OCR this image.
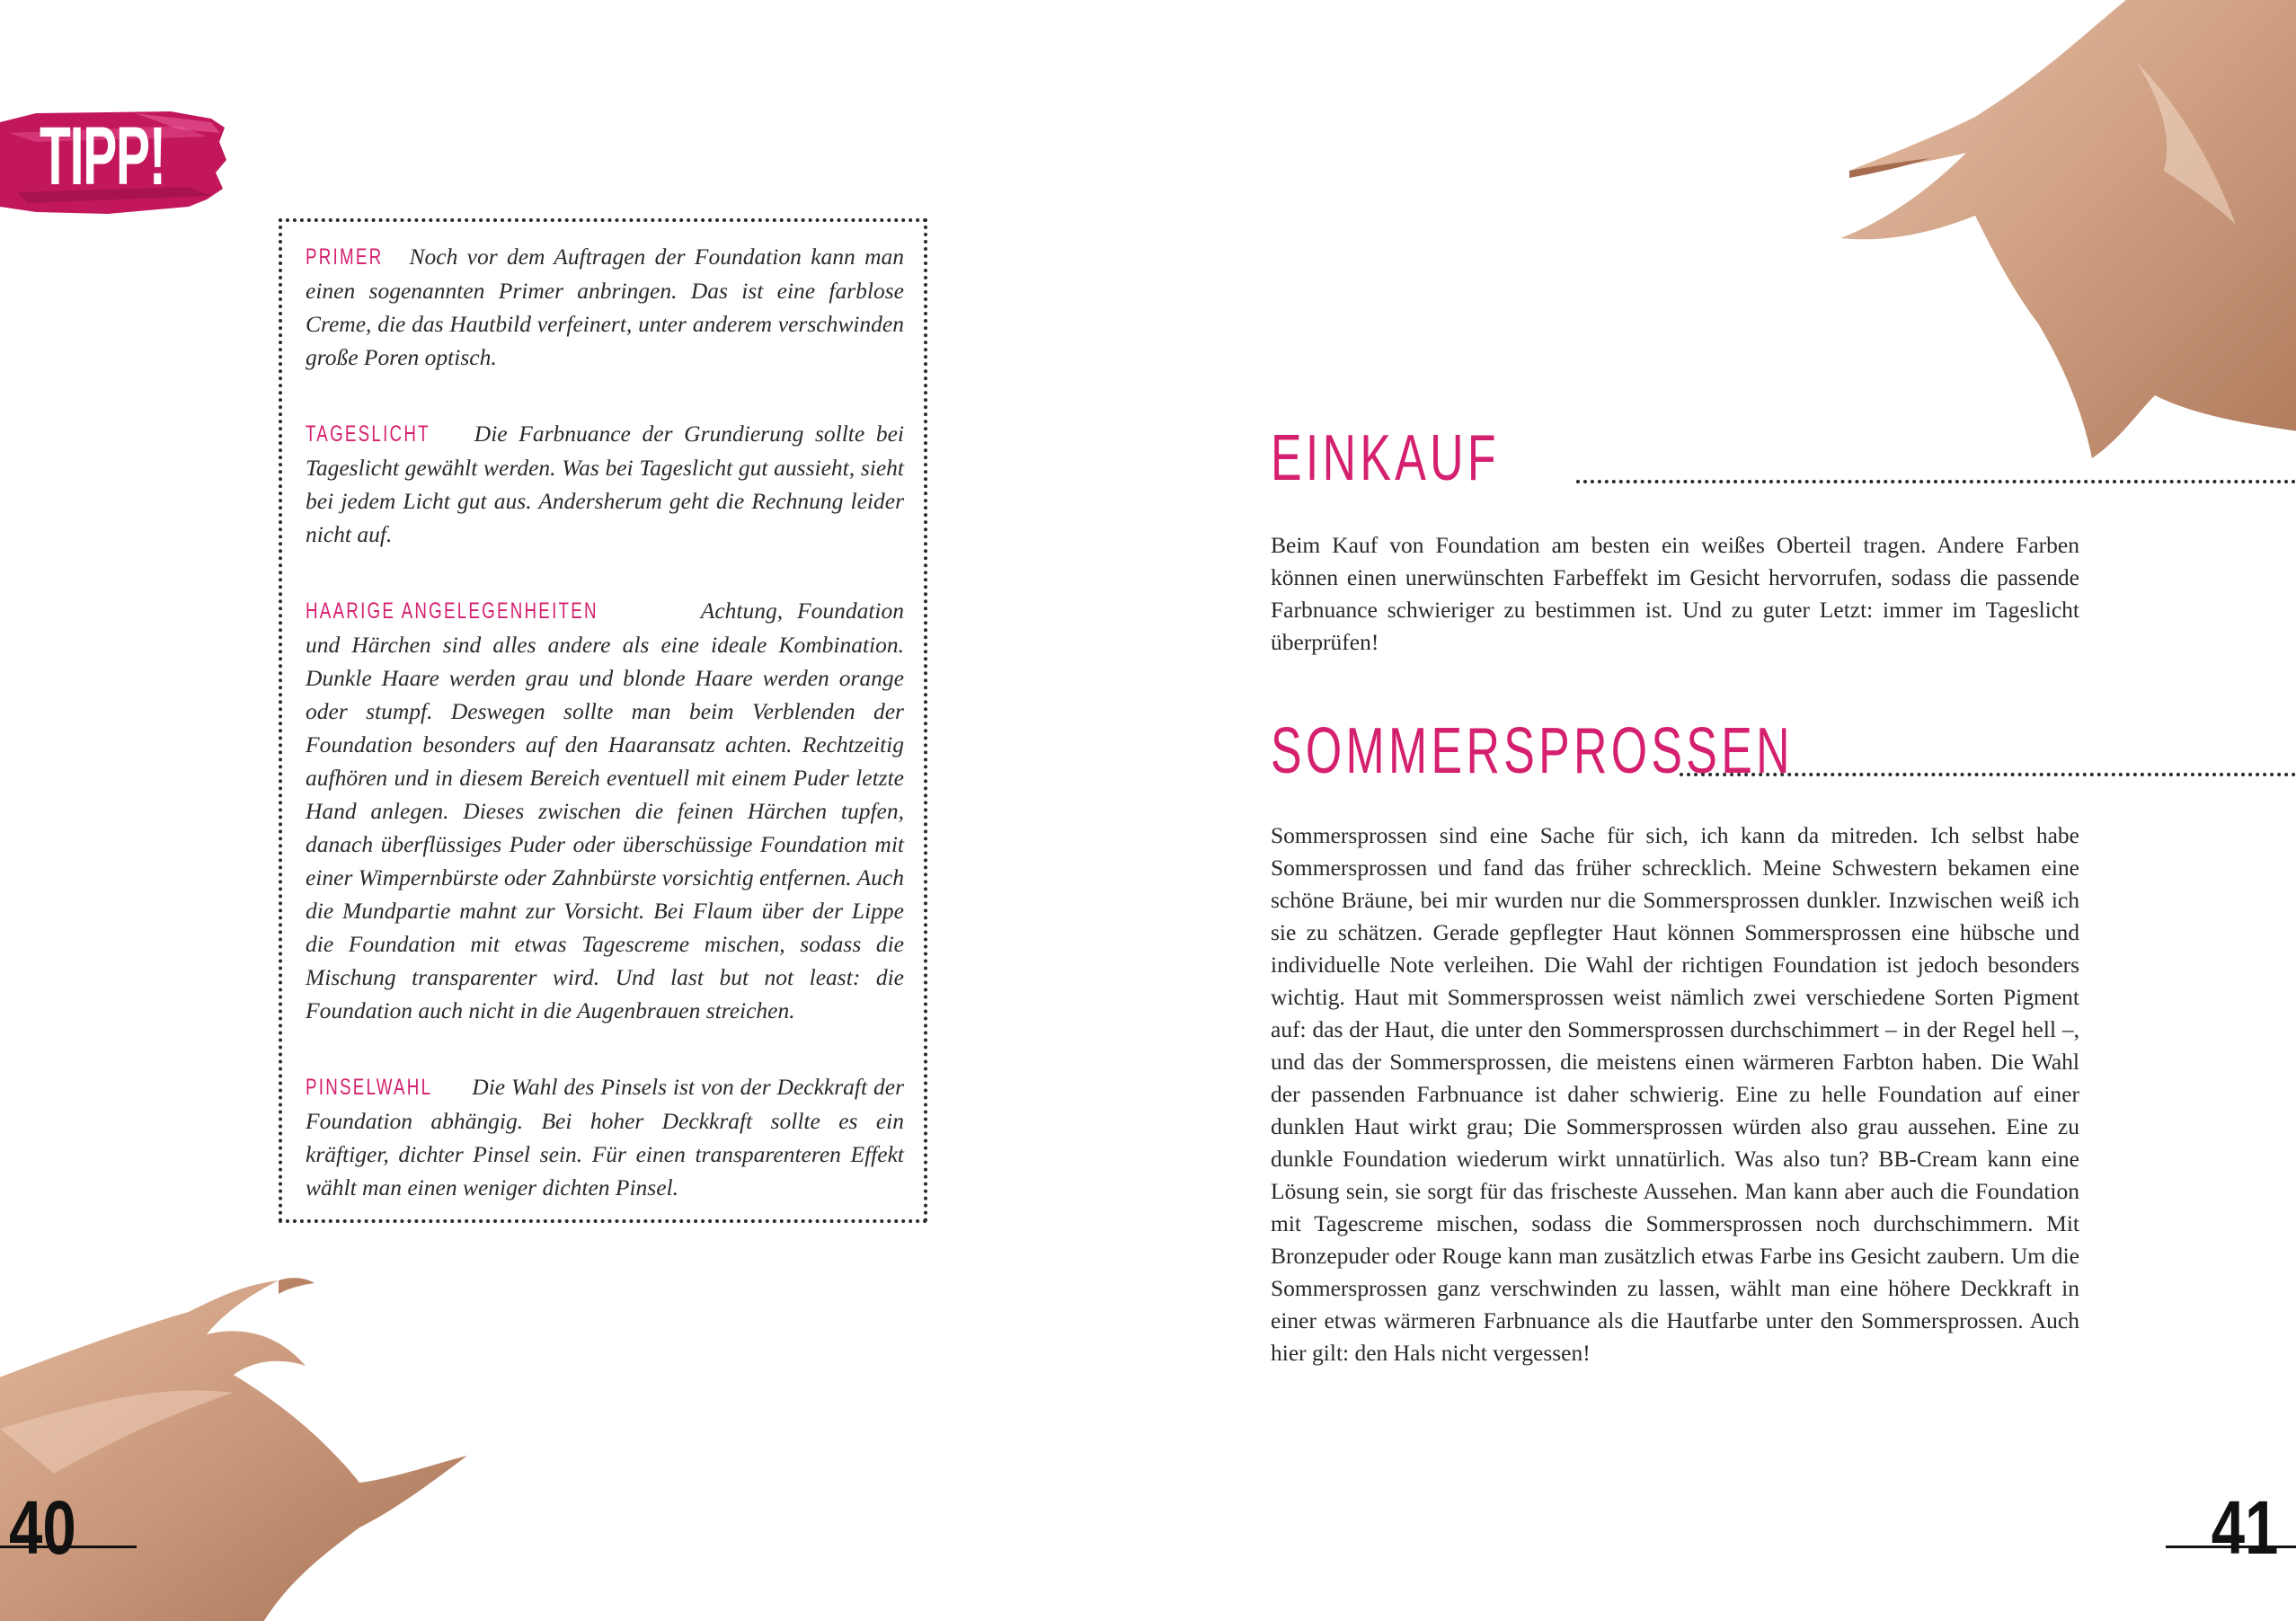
TIPP!

PRIMER Noch vor dem Auftragen der Foundation kann man einen sogenannten Primer anbringen. Das ist eine farblose Creme, die das Hautbild verfeinert, unter anderem verschwinden große Poren optisch.

TAGESLICHT Die Farbnuance der Grundierung sollte bei Tageslicht gewählt werden. Was bei Tageslicht gut aussieht, sieht bei jedem Licht gut aus. Andersherum geht die Rechnung leider nicht auf.

HAARIGE ANGELEGENHEITEN	Achtung, Foundation und Härchen sind alles andere als eine ideale Kombination. Dunkle Haare werden grau und blonde Haare werden orange oder stumpf. Deswegen sollte man beim Verblenden der Foundation besonders auf den Haaransatz achten. Rechtzeitig aufhören und in diesem Bereich eventuell mit einem Puder letzte Hand anlegen. Dieses zwischen die feinen Härchen tupfen, danach überflüssiges Puder oder überschüssige Foundation mit einer Wimpernbürste oder Zahnbürste vorsichtig entfernen. Auch die Mundpartie mahnt zur Vorsicht. Bei Flaum über der Lippe die Foundation mit etwas Tagescreme mischen, sodass die Mischung transparenter wird. Und last but not least: die Foundation auch nicht in die Augenbrauen streichen.

PINSELWAHL Die Wahl des Pinsels ist von der Deckkraft der Foundation abhängig. Bei hoher Deckkraft sollte es ein kräftiger, dichter Pinsel sein. Für einen transparenteren Effekt wählt man einen weniger dichten Pinsel.

40
EINKAUF

Beim Kauf von Foundation am besten ein weißes Oberteil tragen. Andere Farben können einen unerwünschten Farbeffekt im Gesicht hervorrufen, sodass die passende Farbnuance schwieriger zu bestimmen ist. Und zu guter Letzt: immer im Tageslicht überprüfen!

SOMMERSPROSSEN

Sommersprossen sind eine Sache für sich, ich kann da mitreden. Ich selbst habe Sommersprossen und fand das früher schrecklich. Meine Schwestern bekamen eine schöne Bräune, bei mir wurden nur die Sommersprossen dunkler. Inzwischen weiß ich sie zu schätzen. Gerade gepflegter Haut können Sommersprossen eine hübsche und individuelle Note verleihen. Die Wahl der richtigen Foundation ist jedoch besonders wichtig. Haut mit Sommersprossen weist nämlich zwei verschiedene Sorten Pigment auf: das der Haut, die unter den Sommersprossen durchschimmert – in der Regel hell –, und das der Sommersprossen, die meistens einen wärmeren Farbton haben. Die Wahl der passenden Farbnuance ist daher schwierig. Eine zu helle Foundation auf einer dunklen Haut wirkt grau; Die Sommersprossen würden also grau aussehen. Eine zu dunkle Foundation wiederum wirkt unnatürlich. Was also tun? BB-Cream kann eine Lösung sein, sie sorgt für das frischeste Aussehen. Man kann aber auch die Foundation mit Tagescreme mischen, sodass die Sommersprossen noch durchschimmern. Mit Bronzepuder oder Rouge kann man zusätzlich etwas Farbe ins Gesicht zaubern. Um die Sommersprossen ganz verschwinden zu lassen, wählt man eine höhere Deckkraft in einer etwas wärmeren Farbnuance als die Hautfarbe unter den Sommersprossen. Auch hier gilt: den Hals nicht vergessen!

41
